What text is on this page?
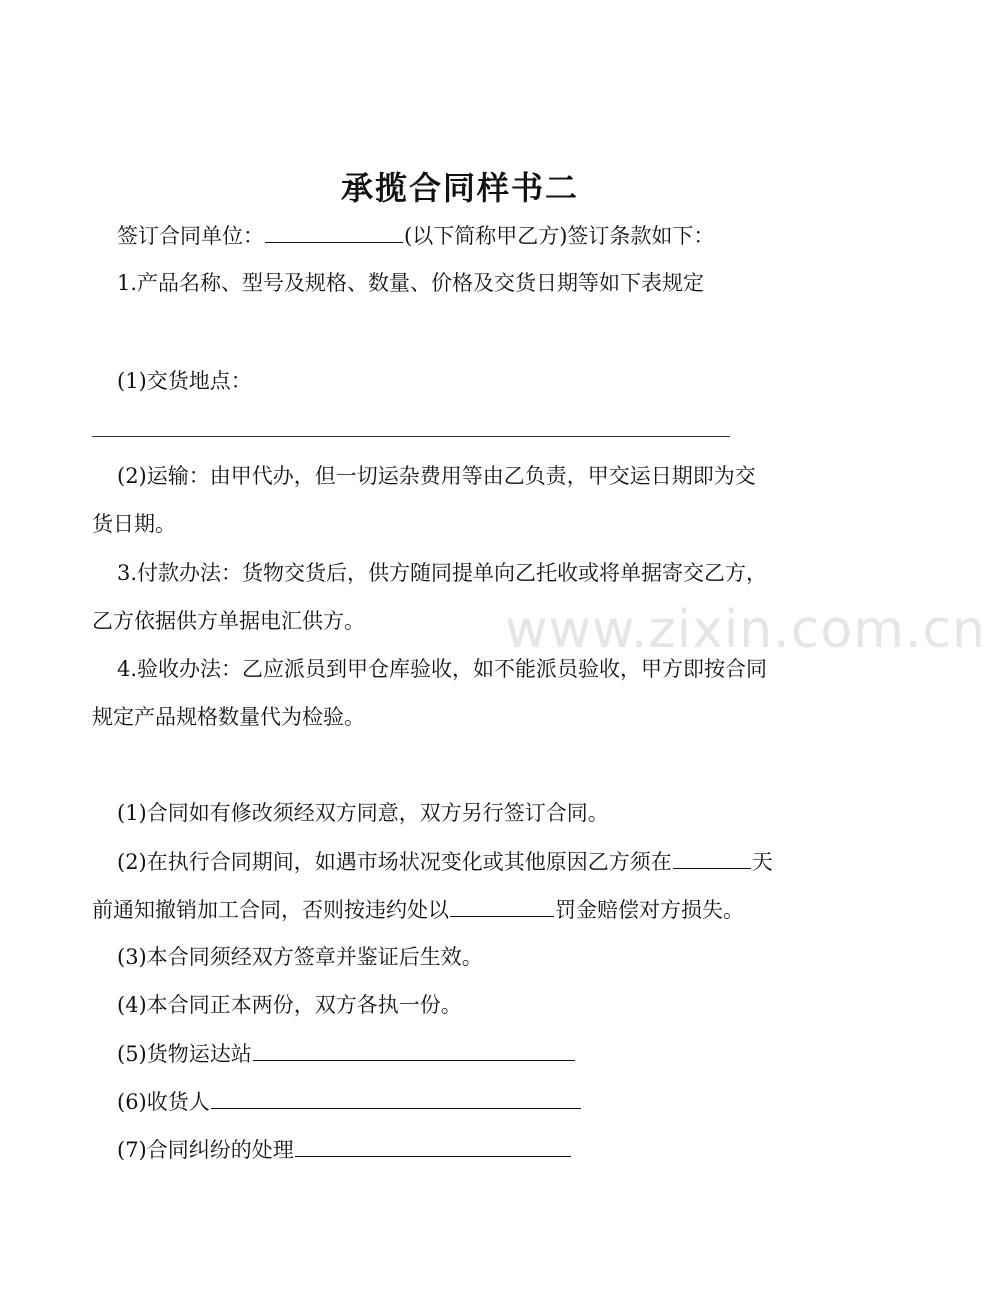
承揽合同样书二
签订合同单位：	(以下简称甲乙方)签订条款如下：
1.产品名称、型号及规格、数量、价格及交货日期等如下表规定
(1)交货地点：
(2)运输：由甲代办，但一切运杂费用等由乙负责，甲交运日期即为交
货日期。
3.付款办法：货物交货后，供方随同提单向乙托收或将单据寄交乙方，
乙方依据供方单据电汇供方。
4.验收办法：乙应派员到甲仓库验收，如不能派员验收，甲方即按合同
规定产品规格数量代为检验。
(1)合同如有修改须经双方同意，双方另行签订合同。
(2)在执行合同期间，如遇市场状况变化或其他原因乙方须在	天
前通知撤销加工合同，否则按违约处以	罚金赔偿对方损失。
(3)本合同须经双方签章并鉴证后生效。
(4)本合同正本两份，双方各执一份。
(5)货物运达站
(6)收货人
(7)合同纠纷的处理
www.zixin.com.cn
